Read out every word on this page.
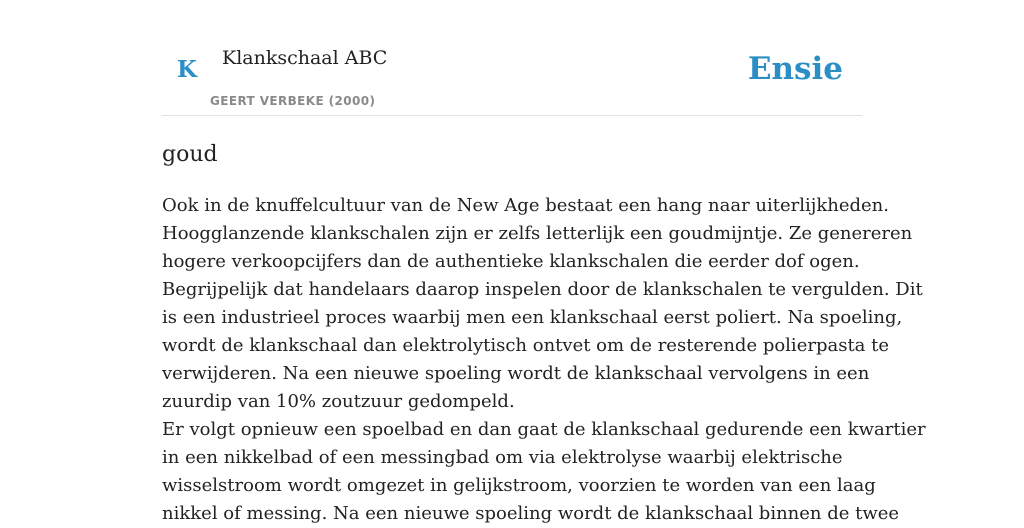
K Klankschaal ABC
GEERT VERBEKE (2000)
Ensie
goud
Ook in de knuffelcultuur van de New Age bestaat een hang naar uiterlijkheden.
Hooggla​nzende klankschalen zijn er zelfs letterlijk een goudmijntje. Ze genereren
hogere verkoopcijfers dan de authentieke klankschalen die eerder dof ogen.
Begrijpelijk dat handelaars daarop inspelen door de klankschalen te vergulden. Dit
is een industrieel proces waarbij men een klankschaal eerst poliert. Na spoeling,
wordt de klankschaal dan elektrolytisch ontvet om de resterende polierpasta te
verwijderen. Na een nieuwe spoeling wordt de klankschaal vervolgens in een
zuurdip van 10% zoutzuur gedompeld.
Er volgt opnieuw een spoelbad en dan gaat de klankschaal gedurende een kwartier
in een nikkelbad of een messingbad om via elektrolyse waarbij elektrische
wisselstroom wordt omgezet in gelijkstroom, voorzien te worden van een laag
nikkel of messing. Na een nieuwe spoeling wordt de klankschaal binnen de twee
